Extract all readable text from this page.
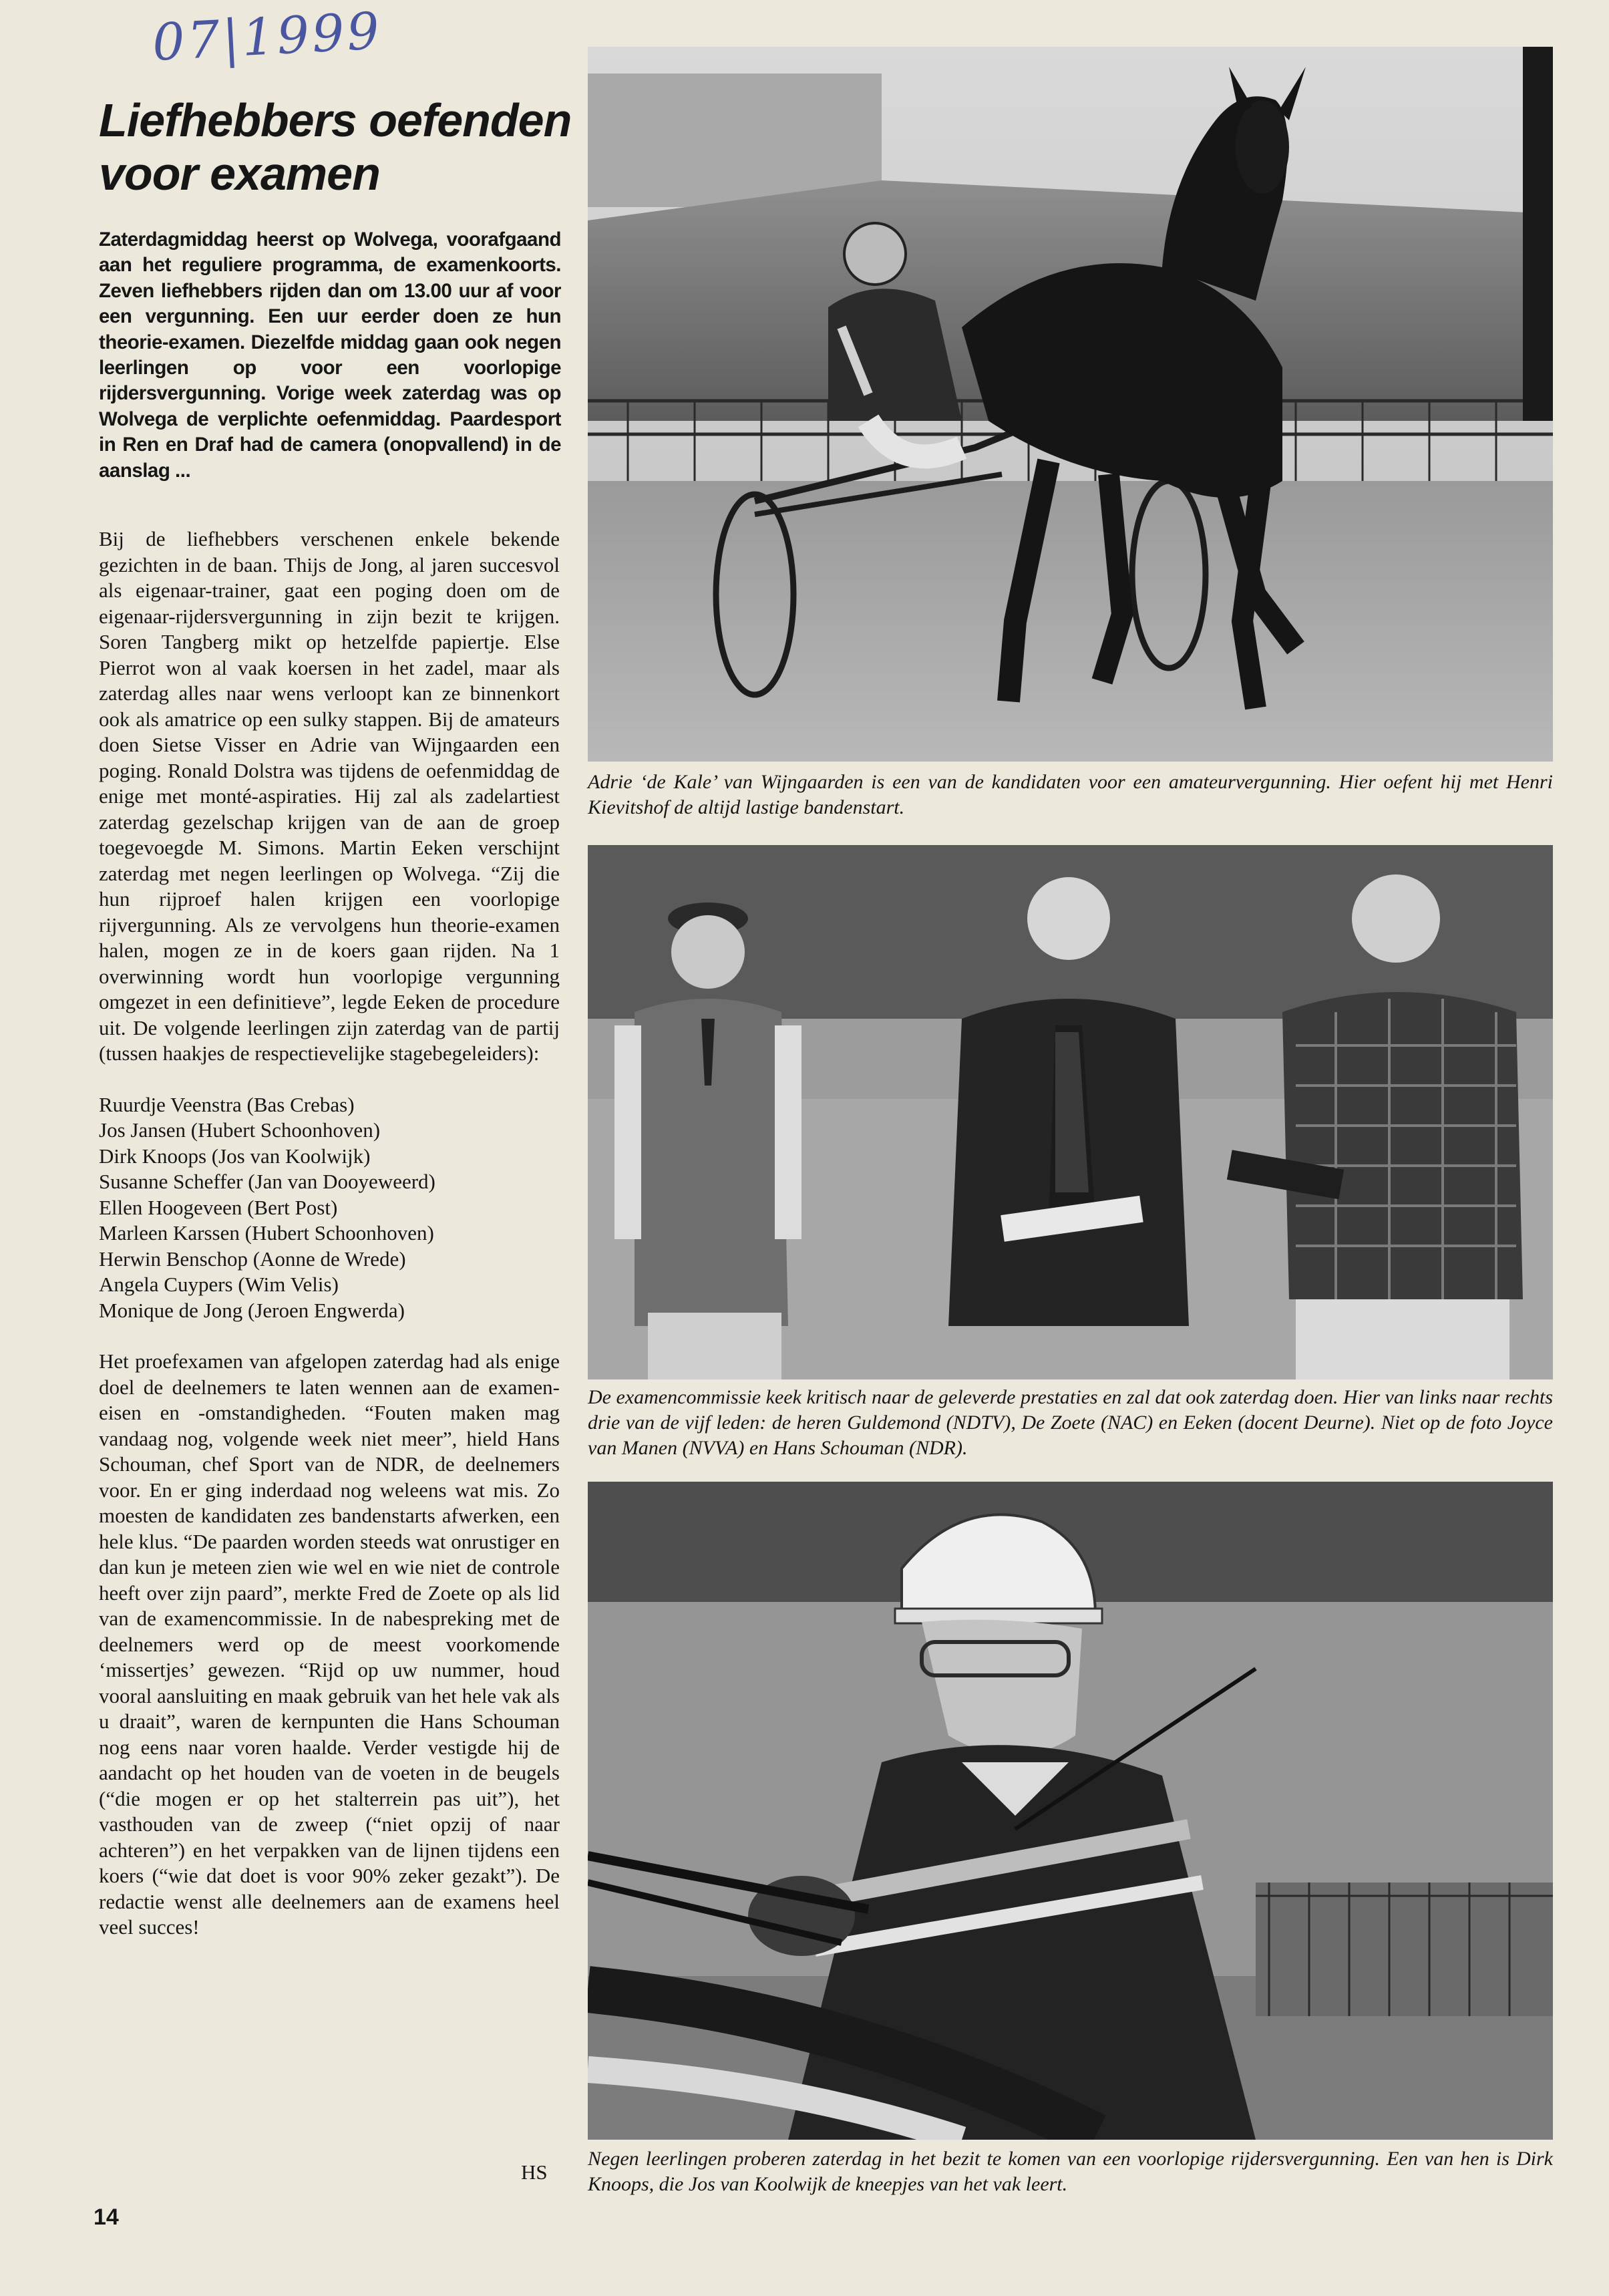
07|1999
Liefhebbers oefenden
voor examen
Zaterdagmiddag heerst op Wolvega, voorafgaand aan het reguliere programma, de examenkoorts. Zeven liefhebbers rijden dan om 13.00 uur af voor een vergunning. Een uur eerder doen ze hun theorie-examen. Diezelfde middag gaan ook negen leerlingen op voor een voorlopige rijdersvergunning. Vorige week zaterdag was op Wolvega de verplichte oefenmiddag. Paardesport in Ren en Draf had de camera (onopvallend) in de aanslag ...

Bij de liefhebbers verschenen enkele bekende gezichten in de baan. Thijs de Jong, al jaren succesvol als eigenaar-trainer, gaat een poging doen om de eigenaar-rijdersvergunning in zijn bezit te krijgen. Soren Tangberg mikt op hetzelfde papiertje. Else Pierrot won al vaak koersen in het zadel, maar als zaterdag alles naar wens verloopt kan ze binnenkort ook als amatrice op een sulky stappen. Bij de amateurs doen Sietse Visser en Adrie van Wijngaarden een poging. Ronald Dolstra was tijdens de oefenmiddag de enige met monté-aspiraties. Hij zal als zadelartiest zaterdag gezelschap krijgen van de aan de groep toegevoegde M. Simons. Martin Eeken verschijnt zaterdag met negen leerlingen op Wolvega. “Zij die hun rijproef halen krijgen een voorlopige rijvergunning. Als ze vervolgens hun theorie-examen halen, mogen ze in de koers gaan rijden. Na 1 overwinning wordt hun voorlopige vergunning omgezet in een definitieve”, legde Eeken de procedure uit. De volgende leerlingen zijn zaterdag van de partij (tussen haakjes de respectievelijke stagebegeleiders):

Ruurdje Veenstra (Bas Crebas)
Jos Jansen (Hubert Schoonhoven)
Dirk Knoops (Jos van Koolwijk)
Susanne Scheffer (Jan van Dooyeweerd)
Ellen Hoogeveen (Bert Post)
Marleen Karssen (Hubert Schoonhoven)
Herwin Benschop (Aonne de Wrede)
Angela Cuypers (Wim Velis)
Monique de Jong (Jeroen Engwerda)

Het proefexamen van afgelopen zaterdag had als enige doel de deelnemers te laten wennen aan de examen-eisen en -omstandigheden. “Fouten maken mag vandaag nog, volgende week niet meer”, hield Hans Schouman, chef Sport van de NDR, de deelnemers voor. En er ging inderdaad nog weleens wat mis. Zo moesten de kandidaten zes bandenstarts afwerken, een hele klus. “De paarden worden steeds wat onrustiger en dan kun je meteen zien wie wel en wie niet de controle heeft over zijn paard”, merkte Fred de Zoete op als lid van de examencommissie. In de nabespreking met de deelnemers werd op de meest voorkomende ‘missertjes’ gewezen. “Rijd op uw nummer, houd vooral aansluiting en maak gebruik van het hele vak als u draait”, waren de kernpunten die Hans Schouman nog eens naar voren haalde. Verder vestigde hij de aandacht op het houden van de voeten in de beugels (“die mogen er op het stalterrein pas uit”), het vasthouden van de zweep (“niet opzij of naar achteren”) en het verpakken van de lijnen tijdens een koers (“wie dat doet is voor 90% zeker gezakt”). De redactie wenst alle deelnemers aan de examens heel veel succes!

HS
14
Adrie ‘de Kale’ van Wijngaarden is een van de kandidaten voor een amateurvergunning. Hier oefent hij met Henri Kievitshof de altijd lastige bandenstart.
De examencommissie keek kritisch naar de geleverde prestaties en zal dat ook zaterdag doen. Hier van links naar rechts drie van de vijf leden: de heren Guldemond (NDTV), De Zoete (NAC) en Eeken (docent Deurne). Niet op de foto Joyce van Manen (NVVA) en Hans Schouman (NDR).
Negen leerlingen proberen zaterdag in het bezit te komen van een voorlopige rijdersvergunning. Een van hen is Dirk Knoops, die Jos van Koolwijk de kneepjes van het vak leert.
